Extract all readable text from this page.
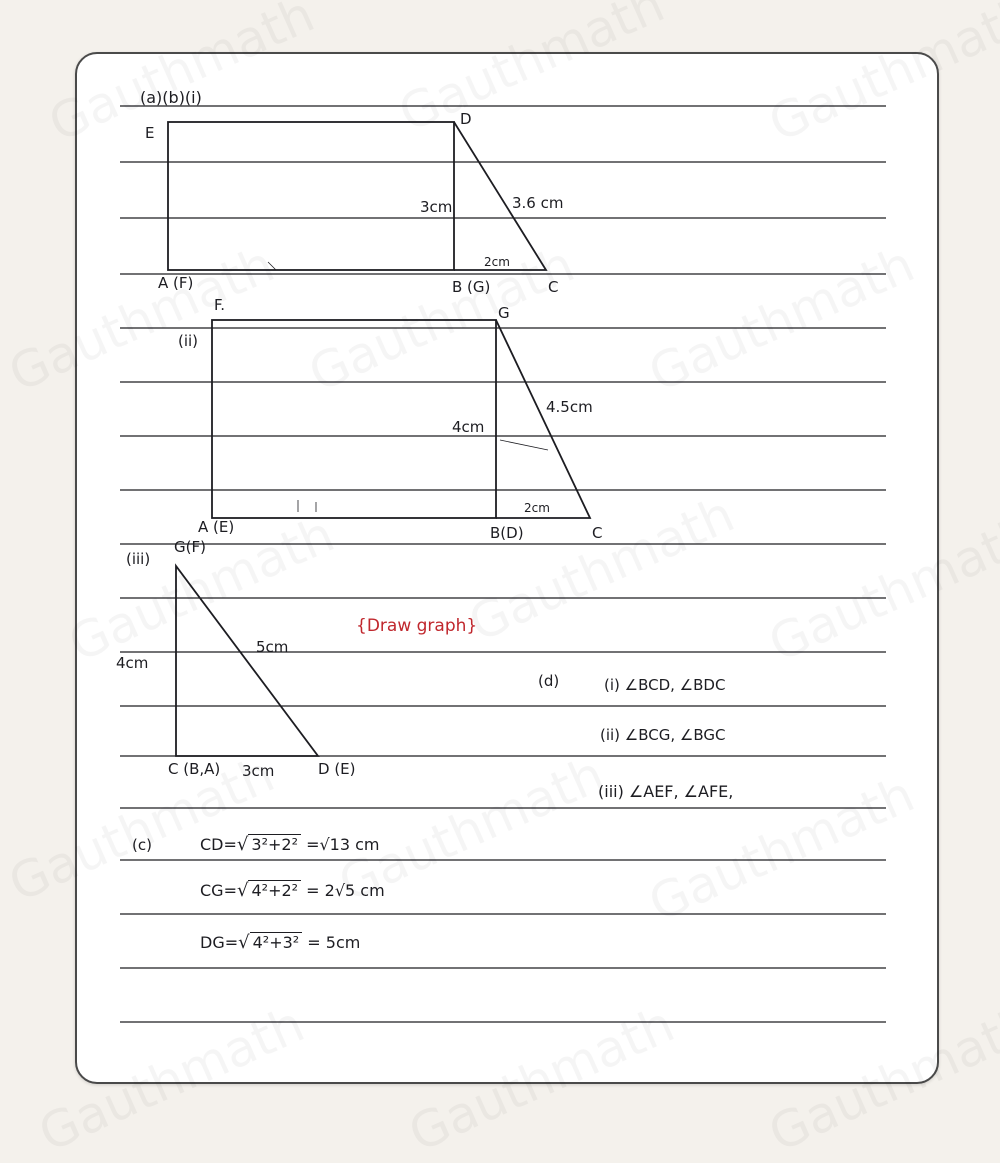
(a)(b)(i)
E
D
A (F)	B (G)	C
3cm	3.6 cm
2cm
(ii)
F.	G
A (E)	B(D)	C
4cm
4.5cm
2cm
(iii)
G(F)
C (B,A)	D (E)
4cm
5cm
3cm
{Draw graph}
(d)	(i) ∠BCD, ∠BDC
(ii) ∠BCG, ∠BGC
(iii) ∠AEF, ∠AFE,
(c)	CD=√ 3²+2² =√13 cm
CG=√ 4²+2² = 2√5 cm
DG=√ 4²+3² = 5cm
